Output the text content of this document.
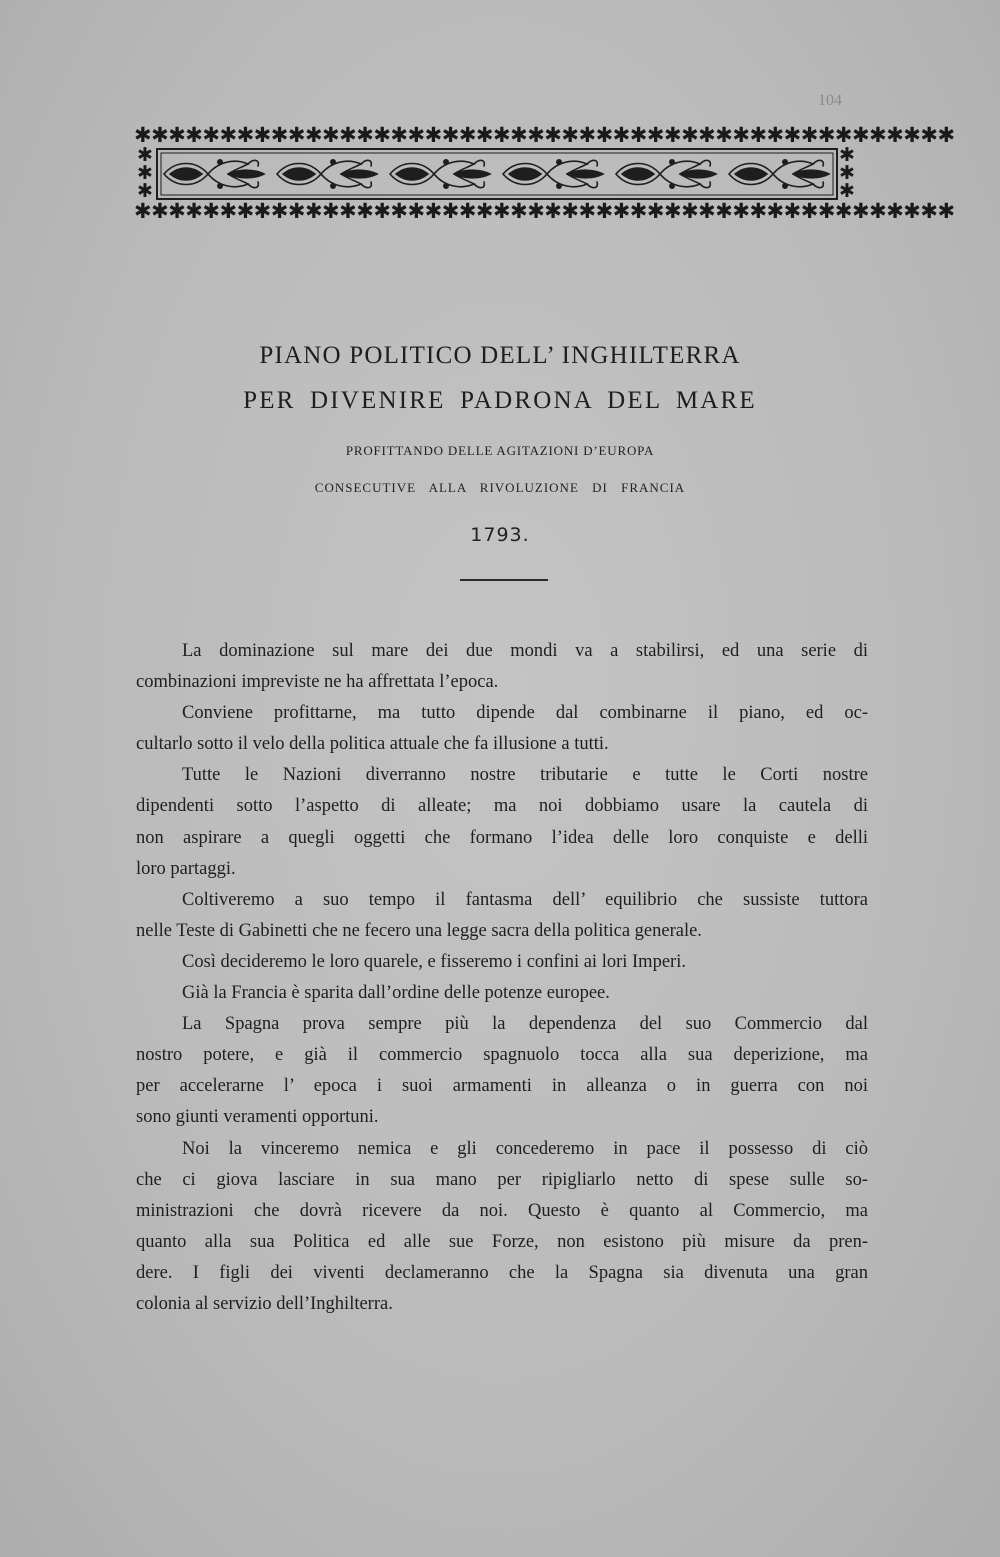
104
✱✱✱✱✱✱✱✱✱✱✱✱✱✱✱✱✱✱✱✱✱✱✱✱✱✱✱✱✱✱✱✱✱✱✱✱✱✱✱✱✱✱✱✱✱✱✱✱
✱ ✱ ✱
✱ ✱ ✱
✱✱✱✱✱✱✱✱✱✱✱✱✱✱✱✱✱✱✱✱✱✱✱✱✱✱✱✱✱✱✱✱✱✱✱✱✱✱✱✱✱✱✱✱✱✱✱✱
PIANO POLITICO DELL’ INGHILTERRA
PER DIVENIRE PADRONA DEL MARE
PROFITTANDO DELLE AGITAZIONI D’EUROPA
CONSECUTIVE ALLA RIVOLUZIONE DI FRANCIA
1793.
La dominazione sul mare dei due mondi va a stabilirsi, ed una serie di
combinazioni impreviste ne ha affrettata l’epoca.
Conviene profittarne, ma tutto dipende dal combinarne il piano, ed oc-
cultarlo sotto il velo della politica attuale che fa illusione a tutti.
Tutte le Nazioni diverranno nostre tributarie e tutte le Corti nostre
dipendenti sotto l’aspetto di alleate; ma noi dobbiamo usare la cautela di
non aspirare a quegli oggetti che formano l’idea delle loro conquiste e delli
loro partaggi.
Coltiveremo a suo tempo il fantasma dell’ equilibrio che sussiste tuttora
nelle Teste di Gabinetti che ne fecero una legge sacra della politica generale.
Così decideremo le loro quarele, e fisseremo i confini ai lori Imperi.
Già la Francia è sparita dall’ordine delle potenze europee.
La Spagna prova sempre più la dependenza del suo Commercio dal
nostro potere, e già il commercio spagnuolo tocca alla sua deperizione, ma
per accelerarne l’ epoca i suoi armamenti in alleanza o in guerra con noi
sono giunti veramenti opportuni.
Noi la vinceremo nemica e gli concederemo in pace il possesso di ciò
che ci giova lasciare in sua mano per ripigliarlo netto di spese sulle so-
ministrazioni che dovrà ricevere da noi. Questo è quanto al Commercio, ma
quanto alla sua Politica ed alle sue Forze, non esistono più misure da pren-
dere. I figli dei viventi declameranno che la Spagna sia divenuta una gran
colonia al servizio dell’Inghilterra.
